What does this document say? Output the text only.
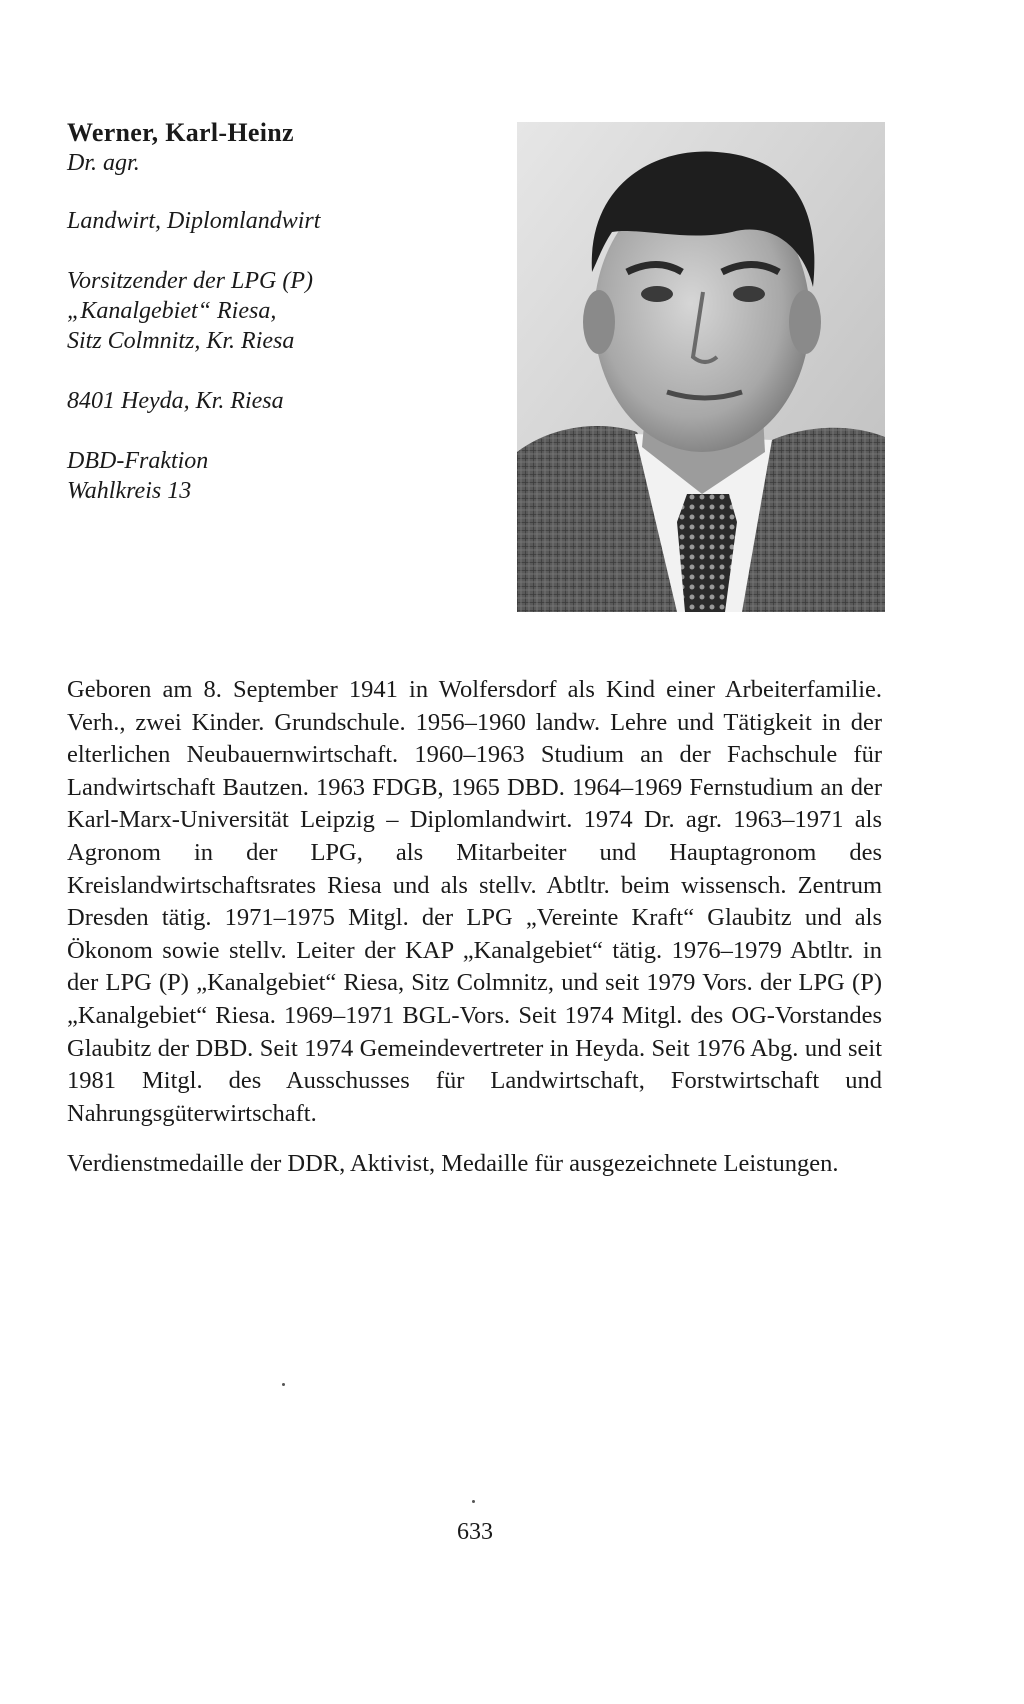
Werner, Karl-Heinz

Dr. agr.

Landwirt, Diplomlandwirt

Vorsitzender der LPG (P)

„Kanalgebiet“ Riesa,

Sitz Colmnitz, Kr. Riesa

8401 Heyda, Kr. Riesa

DBD-Fraktion

Wahlkreis 13

Geboren am 8. September 1941 in Wolfersdorf als Kind einer Arbeiterfamilie. Verh., zwei Kinder. Grundschule. 1956–1960 landw. Lehre und Tätigkeit in der elterlichen Neubauernwirtschaft. 1960–1963 Studium an der Fachschule für Landwirtschaft Bautzen. 1963 FDGB, 1965 DBD. 1964–1969 Fernstudium an der Karl-Marx-Universität Leipzig – Diplomlandwirt. 1974 Dr. agr. 1963–1971 als Agronom in der LPG, als Mitarbeiter und Hauptagronom des Kreislandwirtschaftsrates Riesa und als stellv. Abtltr. beim wissensch. Zentrum Dresden tätig. 1971–1975 Mitgl. der LPG „Vereinte Kraft“ Glaubitz und als Ökonom sowie stellv. Leiter der KAP „Kanalgebiet“ tätig. 1976–1979 Abtltr. in der LPG (P) „Kanalgebiet“ Riesa, Sitz Colmnitz, und seit 1979 Vors. der LPG (P) „Kanalgebiet“ Riesa. 1969–1971 BGL-Vors. Seit 1974 Mitgl. des OG-Vorstandes Glaubitz der DBD. Seit 1974 Gemeindevertreter in Heyda. Seit 1976 Abg. und seit 1981 Mitgl. des Ausschusses für Landwirtschaft, Forstwirtschaft und Nahrungsgüterwirtschaft.

Verdienstmedaille der DDR, Aktivist, Medaille für ausgezeichnete Leistungen.

633
